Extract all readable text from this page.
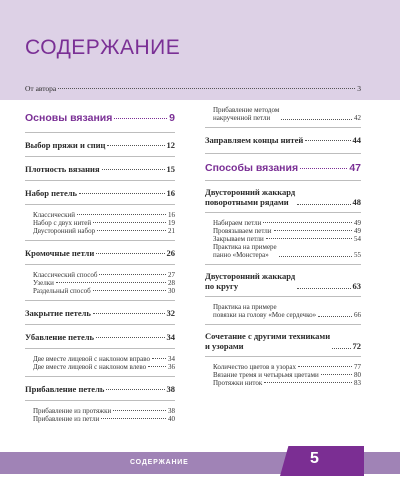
СОДЕРЖАНИЕ
От автора	3
Основы вязания	9
Выбор пряжи и спиц	12
Плотность вязания	15
Набор петель	16
Классический	16
Набор с двух нитей	19
Двусторонний набор	21
Кромочные петли	26
Классический способ	27
Узелки	28
Раздельный способ	30
Закрытие петель	32
Убавление петель	34
Две вместе лицевой с наклоном вправо	34
Две вместе лицевой с наклоном влево	36
Прибавление петель	38
Прибавление из протяжки	38
Прибавление из петли	40
Прибавление методом
накрученной петли	42
Заправляем концы нитей	44
Способы вязания	47
Двусторонний жаккард
поворотными рядами	48
Набираем петли	49
Провязываем петли	49
Закрываем петли	54
Практика на примере
панно «Монстера»	55
Двусторонний жаккард
по кругу	63
Практика на примере
повязки на голову «Мое сердечко»	66
Сочетание с другими техниками
и узорами	72
Количество цветов в узорах	77
Вязание тремя и четырьмя цветами	80
Протяжки ниток	83
СОДЕРЖАНИЕ	5
